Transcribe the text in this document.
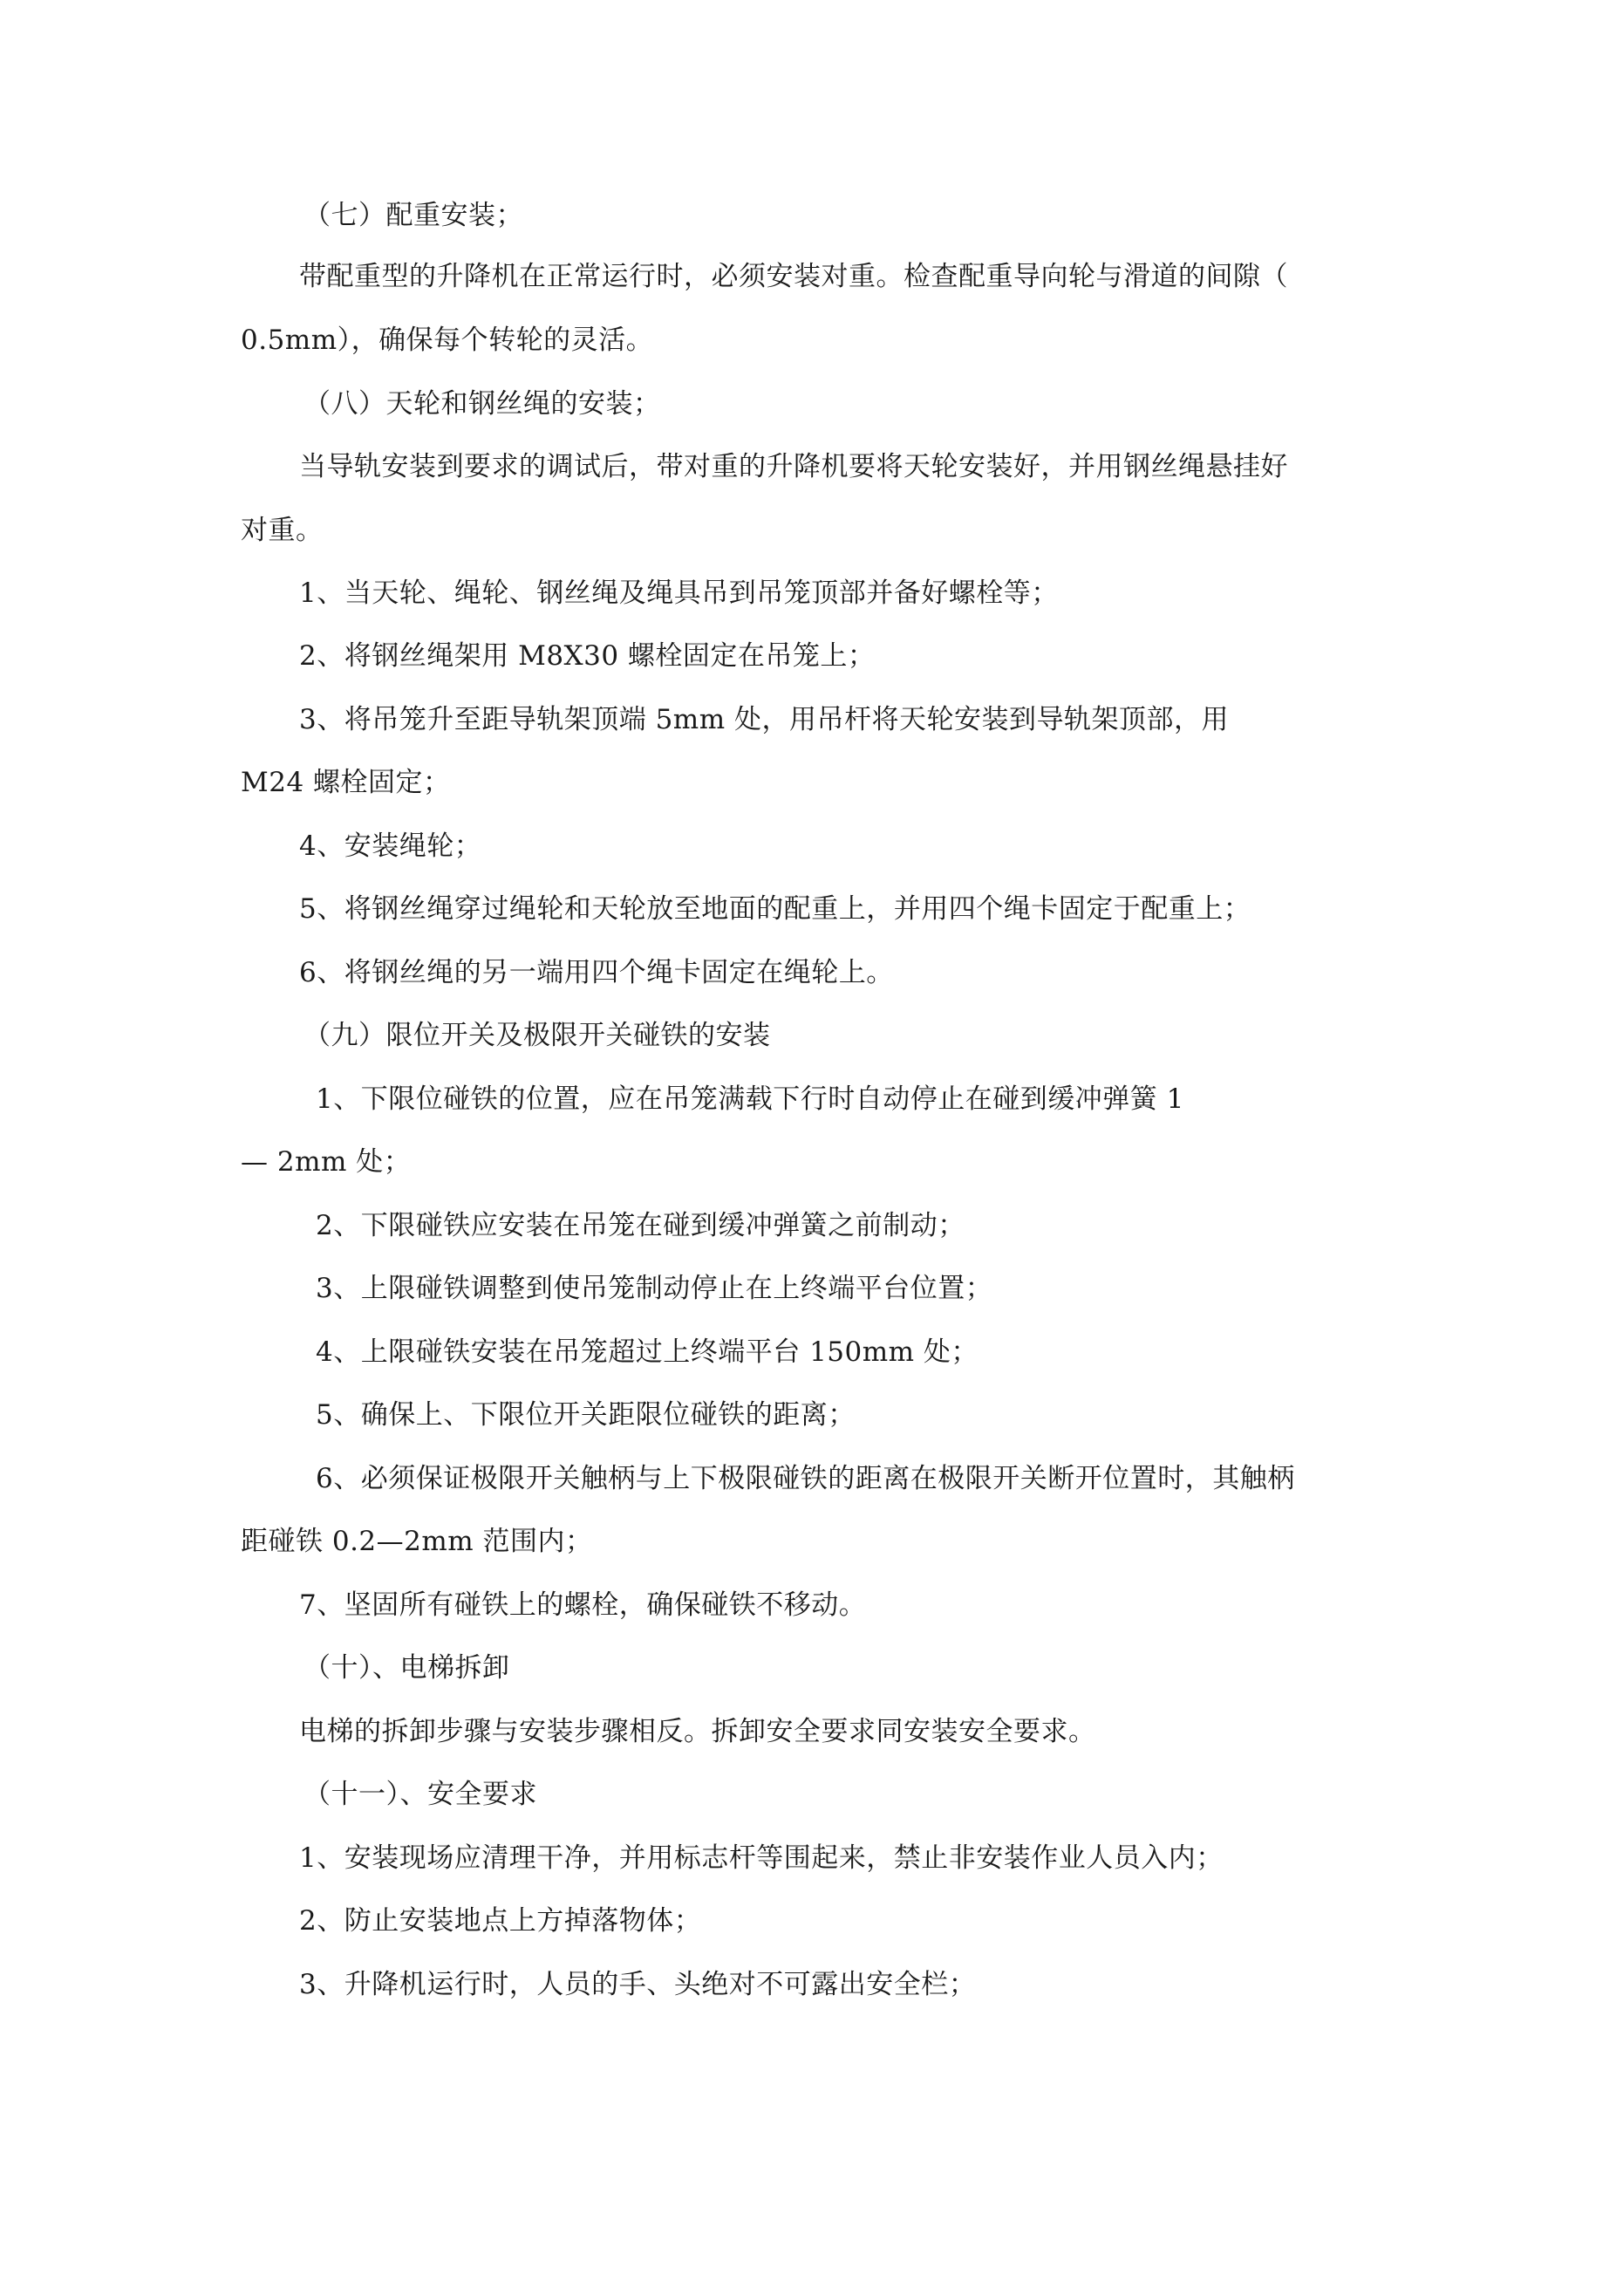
（七）配重安装；
带配重型的升降机在正常运行时，必须安装对重。检查配重导向轮与滑道的间隙（
0.5mm），确保每个转轮的灵活。
（八）天轮和钢丝绳的安装；
当导轨安装到要求的调试后，带对重的升降机要将天轮安装好，并用钢丝绳悬挂好
对重。
1、当天轮、绳轮、钢丝绳及绳具吊到吊笼顶部并备好螺栓等；
2、将钢丝绳架用 M8X30 螺栓固定在吊笼上；
3、将吊笼升至距导轨架顶端 5mm 处，用吊杆将天轮安装到导轨架顶部，用
M24 螺栓固定；
4、安装绳轮；
5、将钢丝绳穿过绳轮和天轮放至地面的配重上，并用四个绳卡固定于配重上；
6、将钢丝绳的另一端用四个绳卡固定在绳轮上。
（九）限位开关及极限开关碰铁的安装
1、下限位碰铁的位置，应在吊笼满载下行时自动停止在碰到缓冲弹簧 1
— 2mm 处；
2、下限碰铁应安装在吊笼在碰到缓冲弹簧之前制动；
3、上限碰铁调整到使吊笼制动停止在上终端平台位置；
4、上限碰铁安装在吊笼超过上终端平台 150mm 处；
5、确保上、下限位开关距限位碰铁的距离；
6、必须保证极限开关触柄与上下极限碰铁的距离在极限开关断开位置时，其触柄
距碰铁 0.2—2mm 范围内；
7、坚固所有碰铁上的螺栓，确保碰铁不移动。
（十）、电梯拆卸
电梯的拆卸步骤与安装步骤相反。拆卸安全要求同安装安全要求。
（十一）、安全要求
1、安装现场应清理干净，并用标志杆等围起来，禁止非安装作业人员入内；
2、防止安装地点上方掉落物体；
3、升降机运行时，人员的手、头绝对不可露出安全栏；
